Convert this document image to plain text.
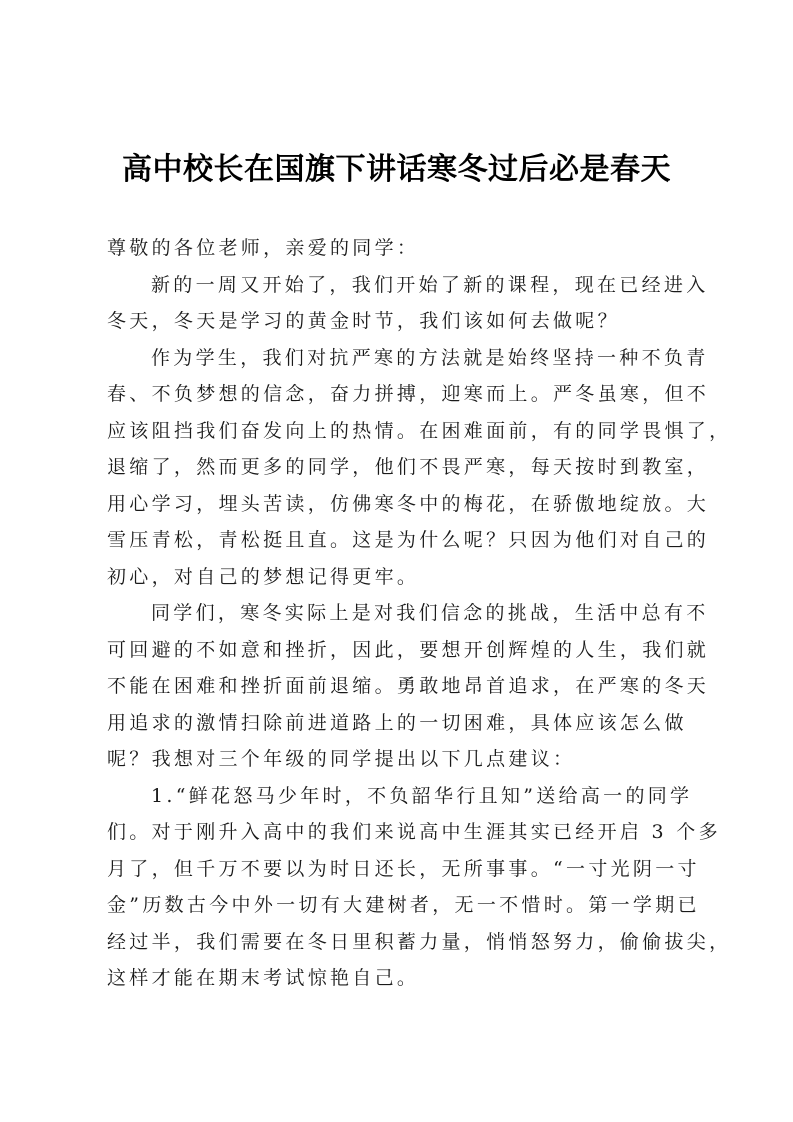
高中校长在国旗下讲话寒冬过后必是春天
尊敬的各位老师，亲爱的同学：
新的一周又开始了，我们开始了新的课程，现在已经进入
冬天，冬天是学习的黄金时节，我们该如何去做呢？
作为学生，我们对抗严寒的方法就是始终坚持一种不负青
春、不负梦想的信念，奋力拼搏，迎寒而上。严冬虽寒，但不
应该阻挡我们奋发向上的热情。在困难面前，有的同学畏惧了，
退缩了，然而更多的同学，他们不畏严寒，每天按时到教室，
用心学习，埋头苦读，仿佛寒冬中的梅花，在骄傲地绽放。大
雪压青松，青松挺且直。这是为什么呢？只因为他们对自己的
初心，对自己的梦想记得更牢。
同学们，寒冬实际上是对我们信念的挑战，生活中总有不
可回避的不如意和挫折，因此，要想开创辉煌的人生，我们就
不能在困难和挫折面前退缩。勇敢地昂首追求，在严寒的冬天
用追求的激情扫除前进道路上的一切困难，具体应该怎么做
呢？我想对三个年级的同学提出以下几点建议：
1.“鲜花怒马少年时，不负韶华行且知”送给高一的同学
们。对于刚升入高中的我们来说高中生涯其实已经开启 3 个多
月了，但千万不要以为时日还长，无所事事。“一寸光阴一寸
金”历数古今中外一切有大建树者，无一不惜时。第一学期已
经过半，我们需要在冬日里积蓄力量，悄悄怒努力，偷偷拔尖，
这样才能在期末考试惊艳自己。
